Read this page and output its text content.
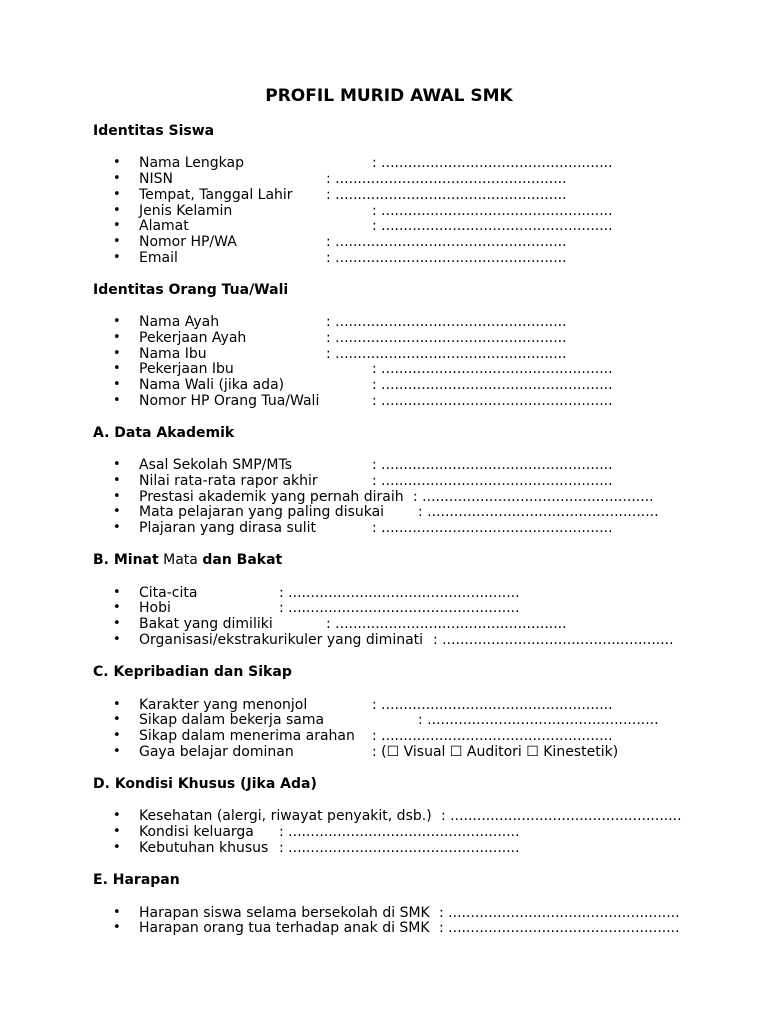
PROFIL MURID AWAL SMK
Identitas Siswa
• Nama Lengkap	: ....................................................
• NISN	: ....................................................
• Tempat, Tanggal Lahir : ....................................................
• Jenis Kelamin	: ....................................................
• Alamat	: ....................................................
• Nomor HP/WA	: ....................................................
• Email	: ....................................................
Identitas Orang Tua/Wali
• Nama Ayah	: ....................................................
• Pekerjaan Ayah	: ....................................................
• Nama Ibu	: ....................................................
• Pekerjaan Ibu	: ....................................................
• Nama Wali (jika ada)	: ....................................................
• Nomor HP Orang Tua/Wali	: ....................................................
A. Data Akademik
• Asal Sekolah SMP/MTs	: ....................................................
• Nilai rata-rata rapor akhir	: ....................................................
• Prestasi akademik yang pernah diraih : ....................................................
• Mata pelajaran yang paling disukai : ....................................................
• Plajaran yang dirasa sulit	: ....................................................
B. Minat Mata dan Bakat
• Cita-cita	: ....................................................
• Hobi	: ....................................................
• Bakat yang dimiliki	: ....................................................
• Organisasi/ekstrakurikuler yang diminati : ....................................................
C. Kepribadian dan Sikap
• Karakter yang menonjol	: ....................................................
• Sikap dalam bekerja sama	: ....................................................
• Sikap dalam menerima arahan : ....................................................
• Gaya belajar dominan	: (☐ Visual ☐ Auditori ☐ Kinestetik)
D. Kondisi Khusus (Jika Ada)
• Kesehatan (alergi, riwayat penyakit, dsb.) : ....................................................
• Kondisi keluarga : ....................................................
• Kebutuhan khusus : ....................................................
E. Harapan
• Harapan siswa selama bersekolah di SMK : ....................................................
• Harapan orang tua terhadap anak di SMK : ....................................................
